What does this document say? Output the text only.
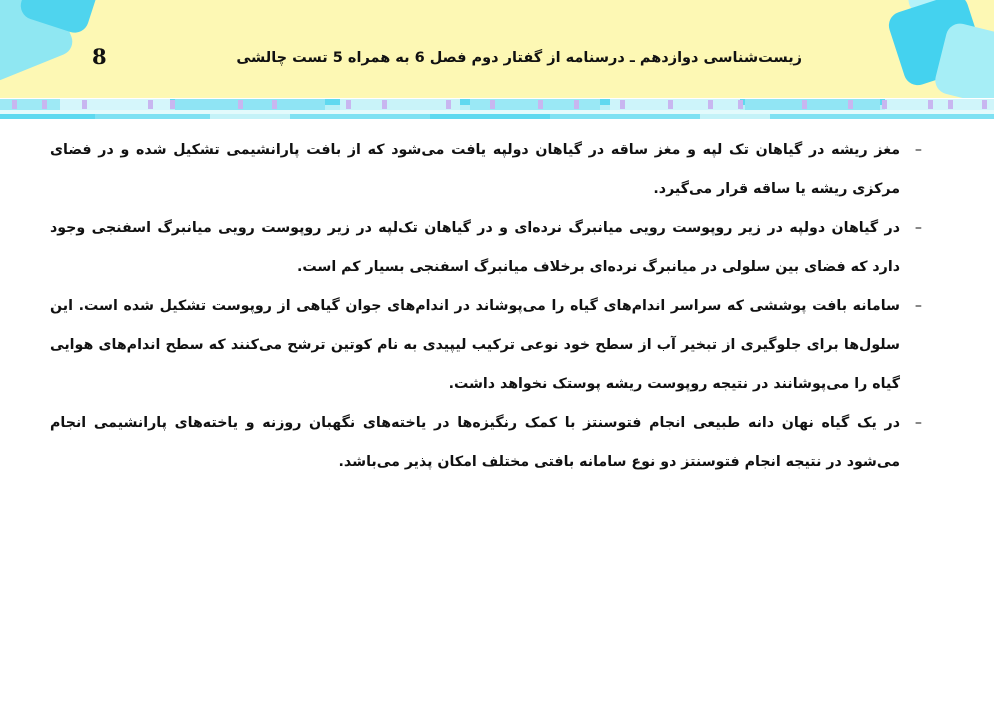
8	زیست‌شناسی دوازدهم ـ درسنامه از گفتار دوم فصل 6 به همراه 5 تست چالشی
– مغز ریشه در گیاهان تک لپه و مغز ساقه در گیاهان دولپه یافت می‌شود که از بافت پارانشیمی تشکیل شده و در فضای مرکزی ریشه یا ساقه قرار می‌گیرد.
– در گیاهان دولپه در زیر روپوست رویی میانبرگ نرده‌ای و در گیاهان تک‌لپه در زیر روپوست رویی میانبرگ اسفنجی وجود دارد که فضای بین سلولی در میانبرگ نرده‌ای برخلاف میانبرگ اسفنجی بسیار کم است.
– سامانه بافت پوششی که سراسر اندام‌های گیاه را می‌پوشاند در اندام‌های جوان گیاهی از روپوست تشکیل شده است. این سلول‌ها برای جلوگیری از تبخیر آب از سطح خود نوعی ترکیب لیپیدی به نام کوتین ترشح می‌کنند که سطح اندام‌های هوایی گیاه را می‌پوشانند در نتیجه روپوست ریشه پوستک نخواهد داشت.
– در یک گیاه نهان دانه طبیعی انجام فتوسنتز با کمک رنگیزه‌ها در یاخته‌های نگهبان روزنه و یاخته‌های پارانشیمی انجام می‌شود در نتیجه انجام فتوسنتز دو نوع سامانه بافتی مختلف امکان پذیر می‌باشد.
